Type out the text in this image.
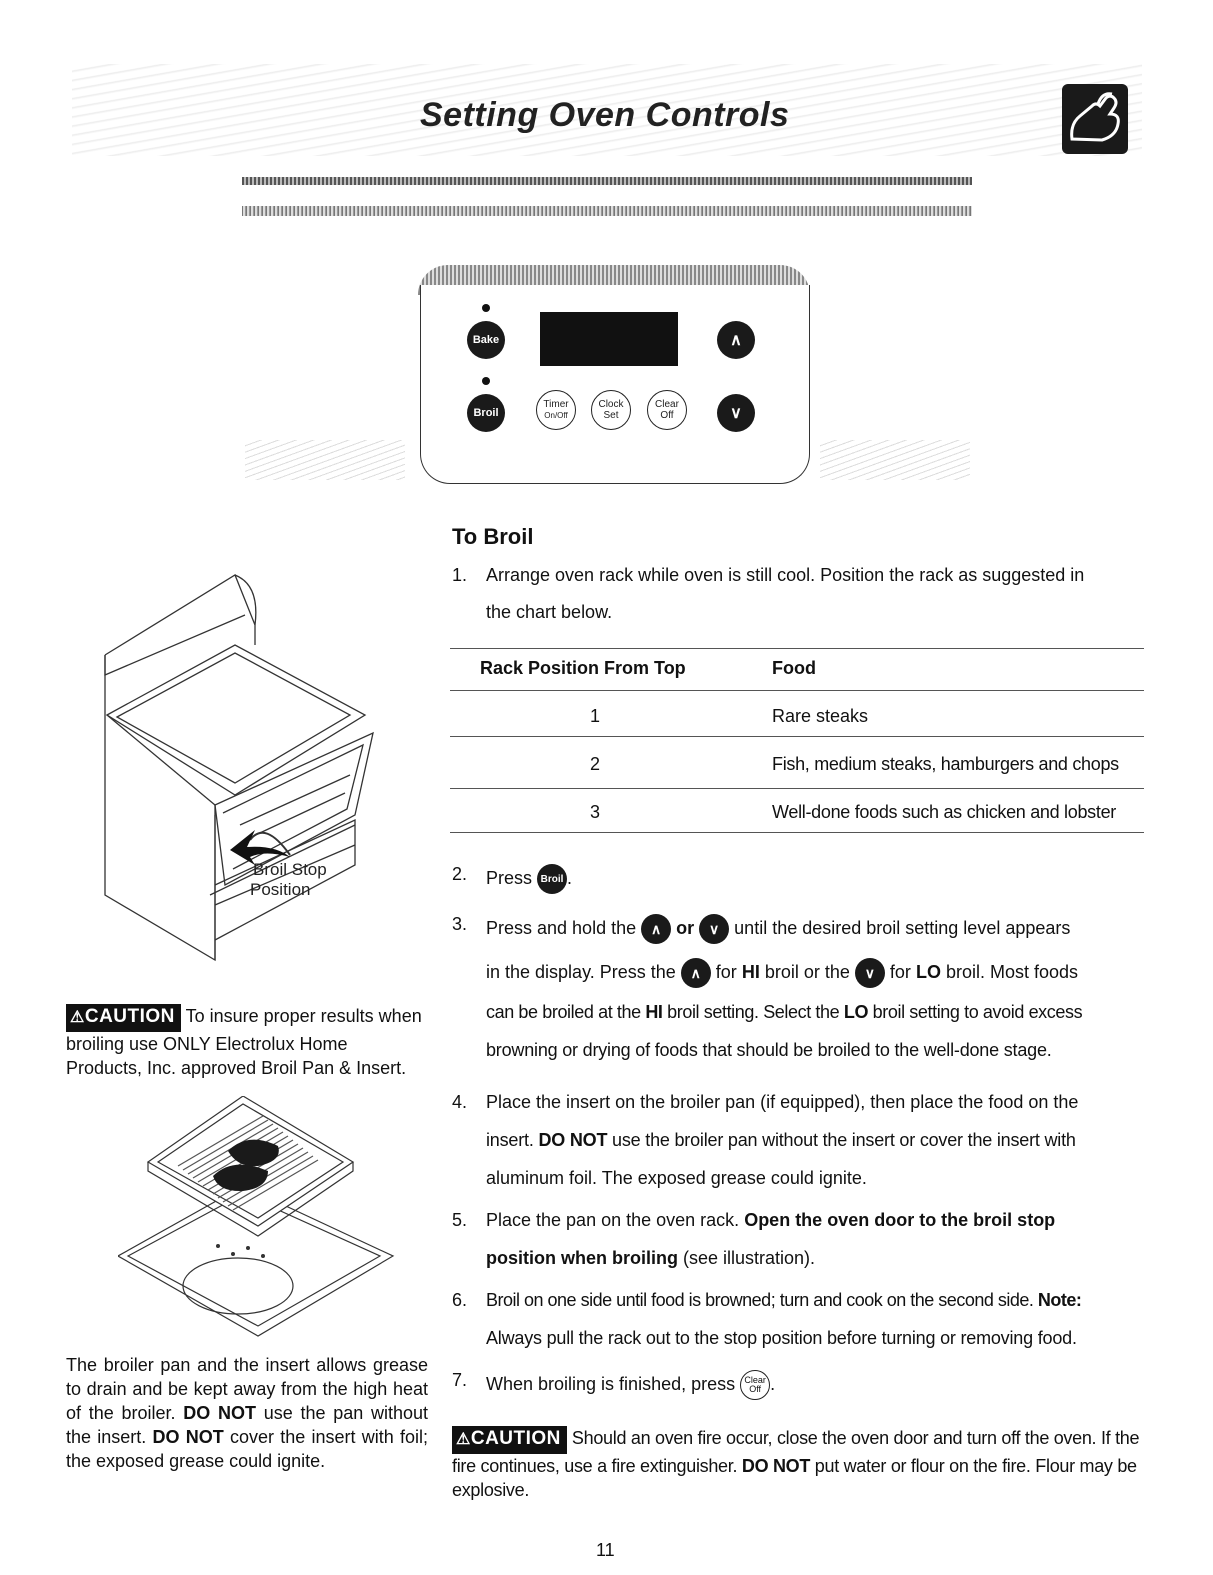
Setting Oven Controls
Bake
Broil
∧
∨
Timer
On/Off
Clock
Set
Clear
Off
Broil Stop
Position
⚠CAUTION To insure proper results when broiling use ONLY Electrolux Home Products, Inc. approved Broil Pan & Insert.
The broiler pan and the insert allows grease to drain and be kept away from the high heat of the broiler. DO NOT use the pan without the insert. DO NOT cover the insert with foil; the exposed grease could ignite.
To Broil
1.	Arrange oven rack while oven is still cool. Position the rack as suggested in
the chart below.
Rack Position From Top	Food
1	Rare steaks
2	Fish, medium steaks, hamburgers and chops
3	Well-done foods such as chicken and lobster
2.	Press Broil .
3.	Press and hold the ∧ or ∨ until the desired broil setting level appears
in the display. Press the ∧ for HI broil or the ∨ for LO broil. Most foods
can be broiled at the HI broil setting. Select the LO broil setting to avoid excess
browning or drying of foods that should be broiled to the well-done stage.
4.	Place the insert on the broiler pan (if equipped), then place the food on the
insert. DO NOT use the broiler pan without the insert or cover the insert with
aluminum foil. The exposed grease could ignite.
5.	Place the pan on the oven rack. Open the oven door to the broil stop
position when broiling (see illustration).
6.	Broil on one side until food is browned; turn and cook on the second side. Note:
Always pull the rack out to the stop position before turning or removing food.
7.	When broiling is finished, press Clear
Off .
⚠CAUTION Should an oven fire occur, close the oven door and turn off the oven. If the fire continues, use a fire extinguisher. DO NOT put water or flour on the fire. Flour may be explosive.
11
